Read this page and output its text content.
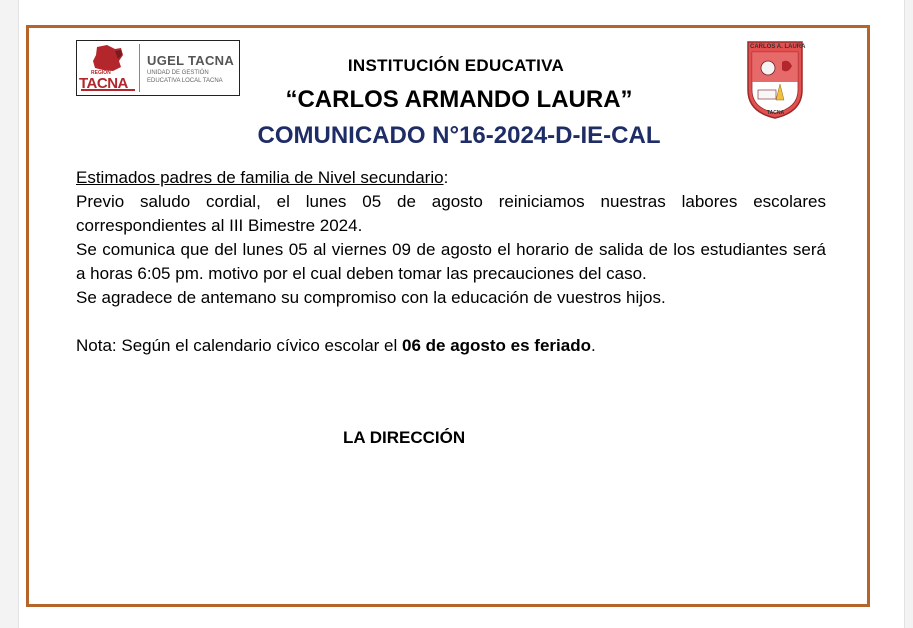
REGIÓN
TACNA
UGEL TACNA
UNIDAD DE GESTIÓN
EDUCATIVA LOCAL TACNA
INSTITUCIÓN EDUCATIVA
“CARLOS ARMANDO LAURA”
COMUNICADO N°16-2024-D-IE-CAL
CARLOS A. LAURA
TACNA

Estimados padres de familia de Nivel secundario:

Previo saludo cordial, el lunes 05 de agosto reiniciamos nuestras labores escolares correspondientes al III Bimestre 2024.

Se comunica que del lunes 05 al viernes 09 de agosto el horario de salida de los estudiantes será a horas 6:05 pm. motivo por el cual deben tomar las precauciones del caso.

Se agradece de antemano su compromiso con la educación de vuestros hijos.

Nota: Según el calendario cívico escolar el 06 de agosto es feriado.

LA DIRECCIÓN
